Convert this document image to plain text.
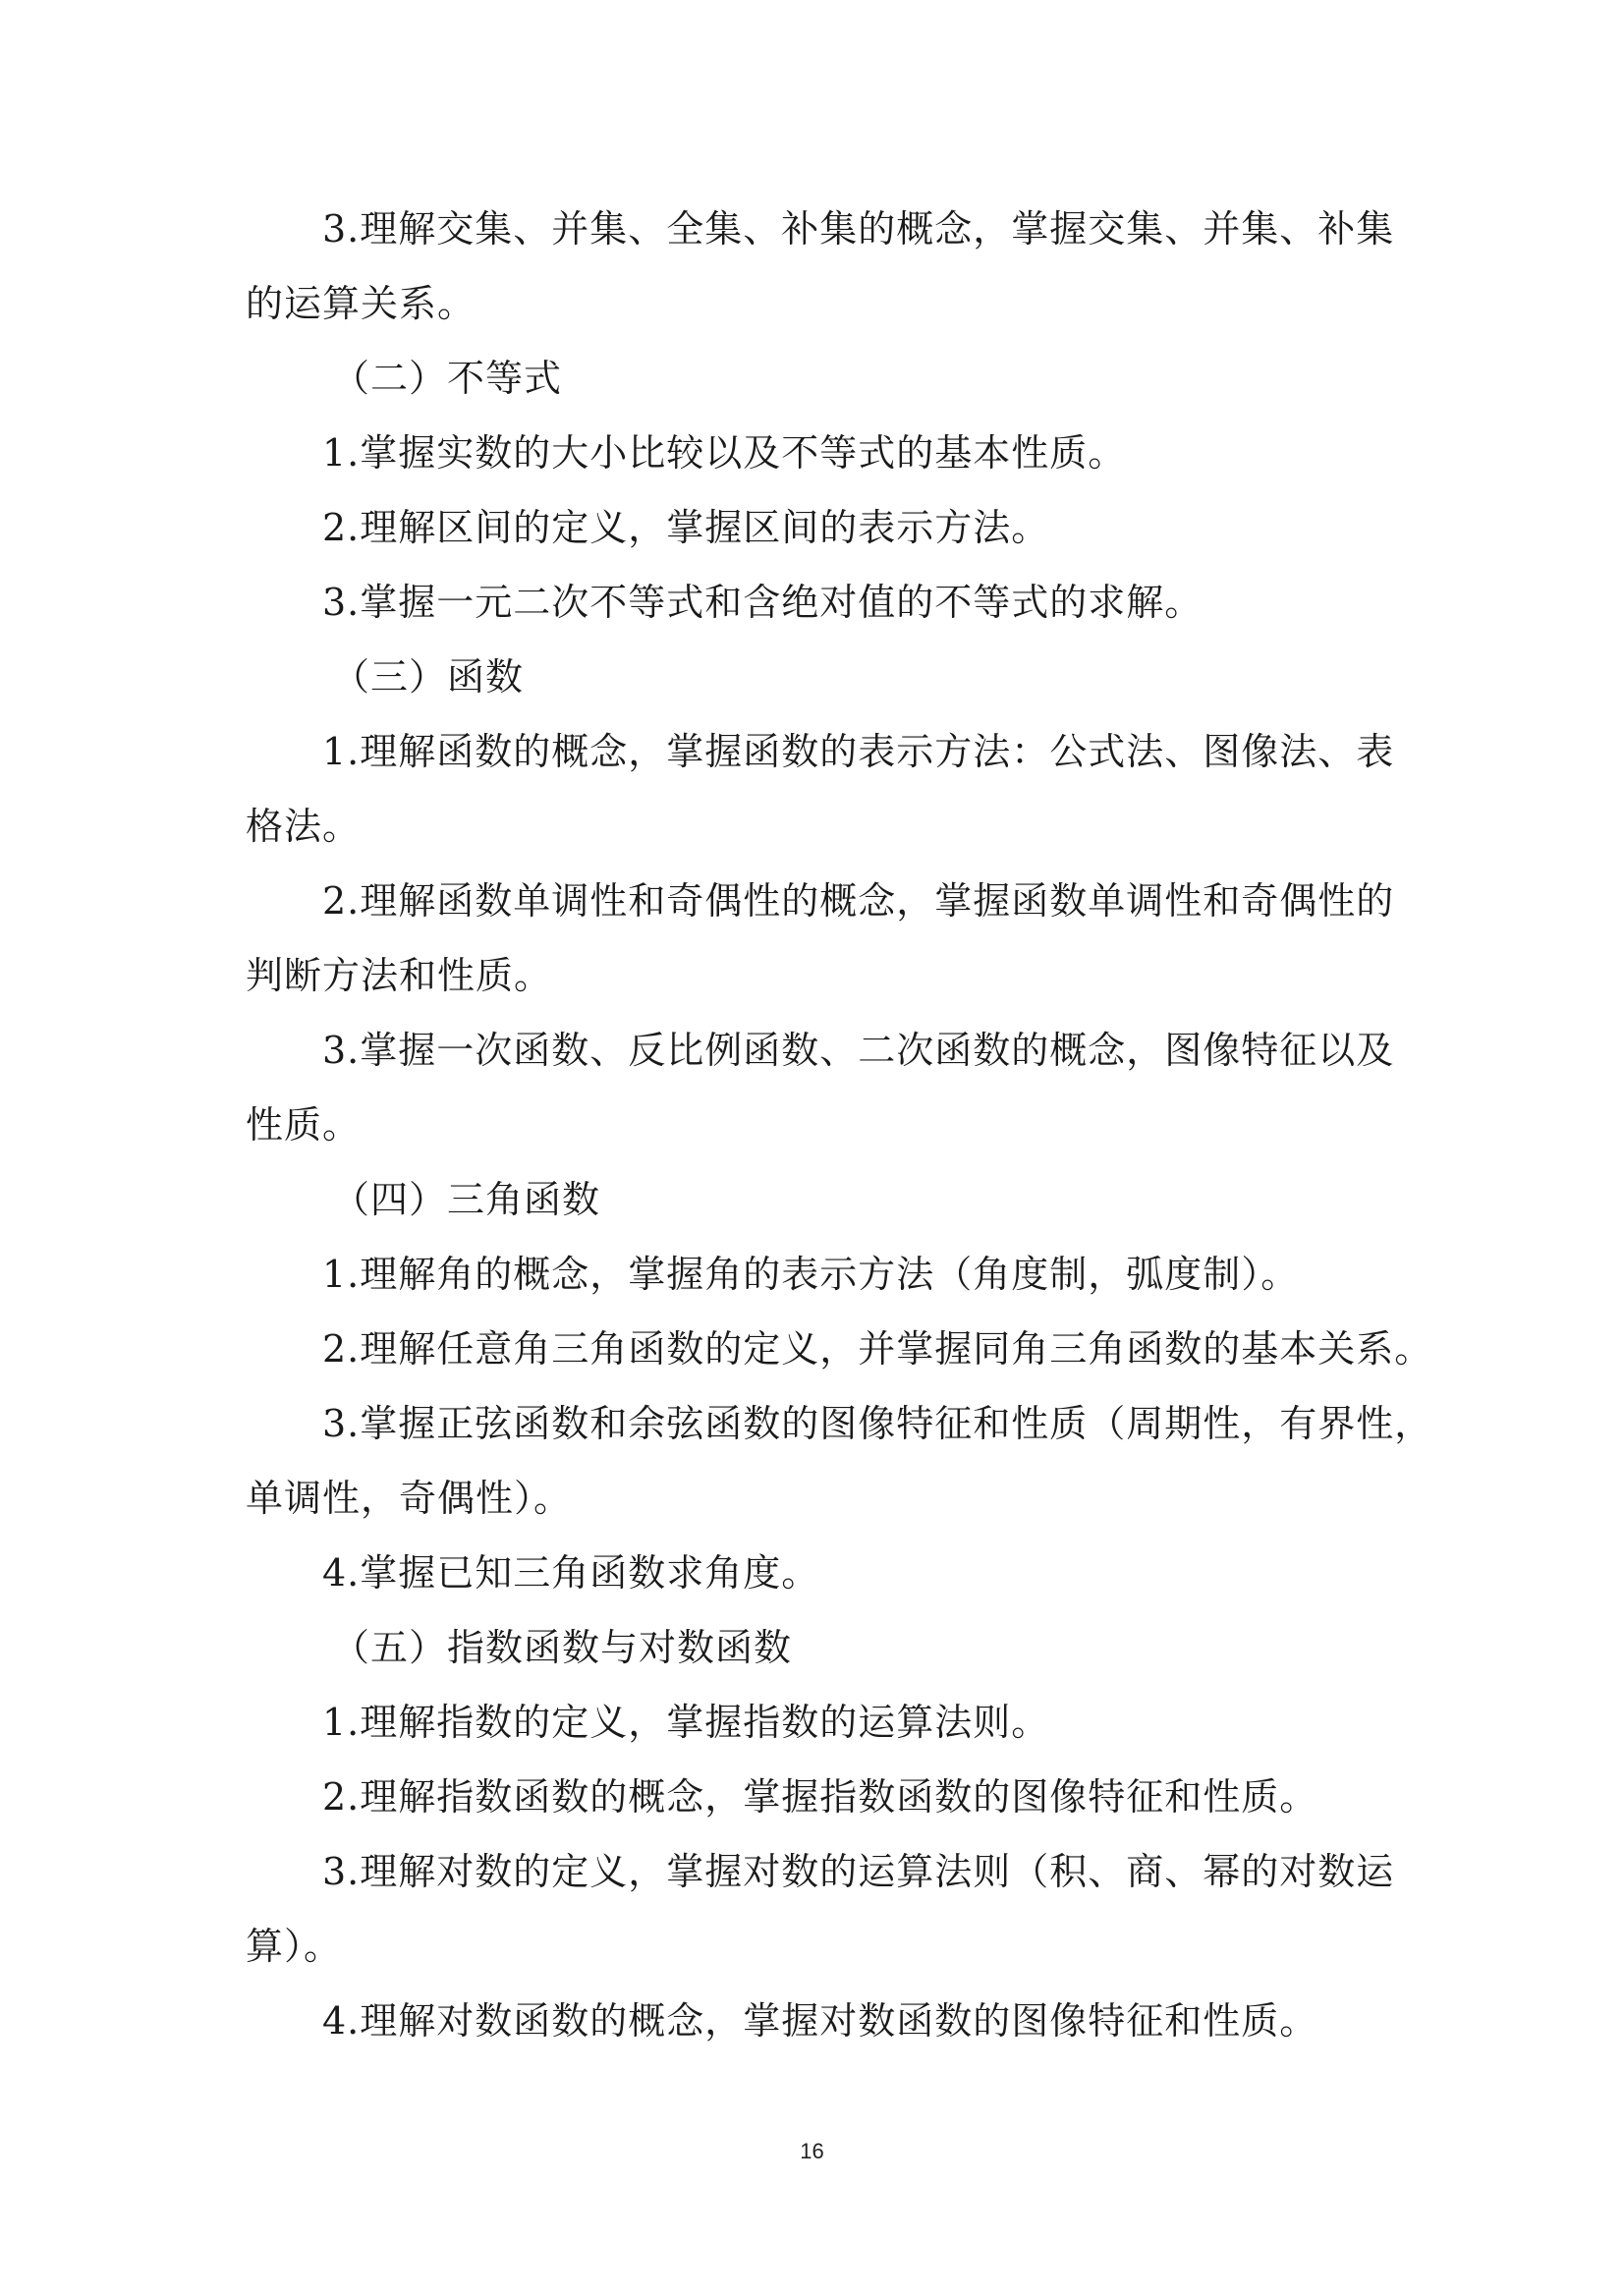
3.理解交集、并集、全集、补集的概念，掌握交集、并集、补集
的运算关系。
（二）不等式
1.掌握实数的大小比较以及不等式的基本性质。
2.理解区间的定义，掌握区间的表示方法。
3.掌握一元二次不等式和含绝对值的不等式的求解。
（三）函数
1.理解函数的概念，掌握函数的表示方法：公式法、图像法、表
格法。
2.理解函数单调性和奇偶性的概念，掌握函数单调性和奇偶性的
判断方法和性质。
3.掌握一次函数、反比例函数、二次函数的概念，图像特征以及
性质。
（四）三角函数
1.理解角的概念，掌握角的表示方法（角度制，弧度制）。
2.理解任意角三角函数的定义，并掌握同角三角函数的基本关系。
3.掌握正弦函数和余弦函数的图像特征和性质（周期性，有界性，
单调性，奇偶性）。
4.掌握已知三角函数求角度。
（五）指数函数与对数函数
1.理解指数的定义，掌握指数的运算法则。
2.理解指数函数的概念，掌握指数函数的图像特征和性质。
3.理解对数的定义，掌握对数的运算法则（积、商、幂的对数运
算）。
4.理解对数函数的概念，掌握对数函数的图像特征和性质。
16
